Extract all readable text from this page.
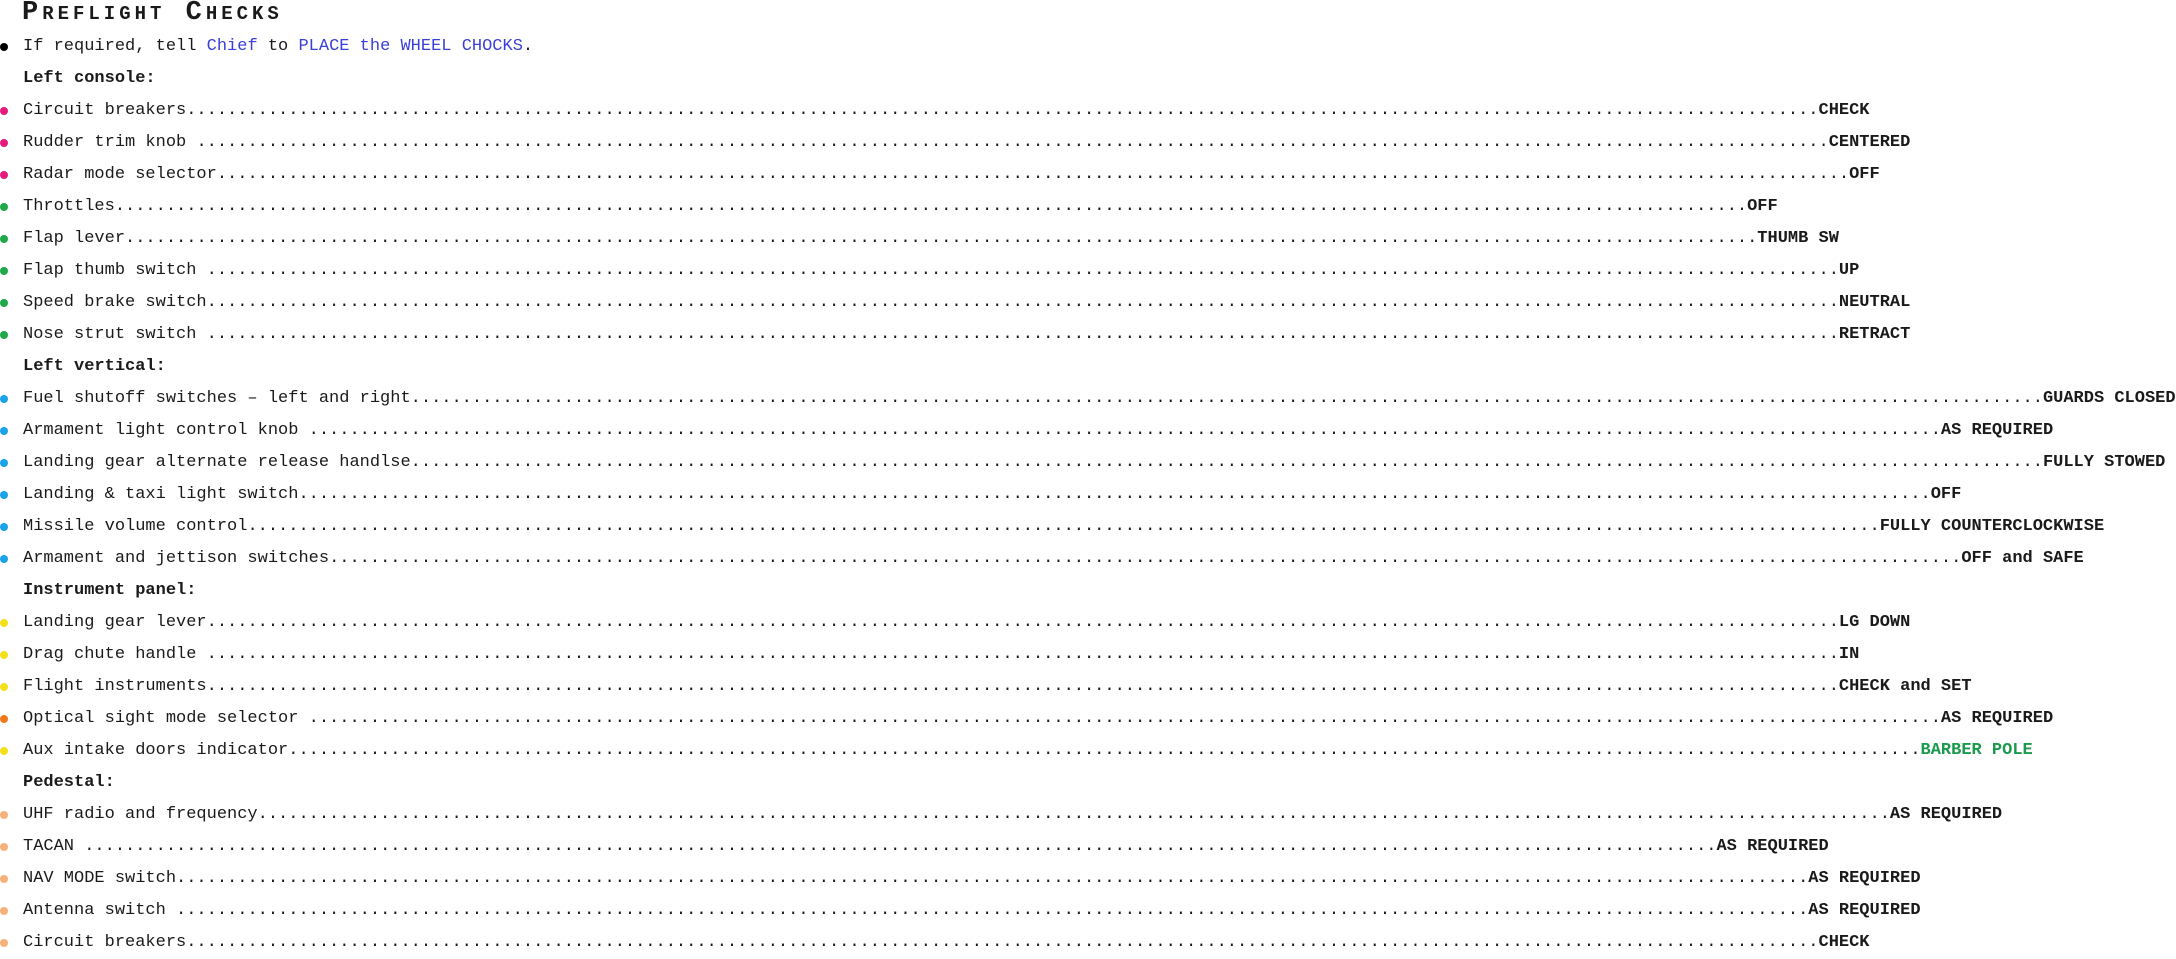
Preflight Checks
If required, tell Chief to PLACE the WHEEL CHOCKS.
Left console:
Circuit breakers ................................................................................................................................................................ CHECK
Rudder trim knob ................................................................................................................................................................ CENTERED
Radar mode selector ................................................................................................................................................................ OFF
Throttles ................................................................................................................................................................ OFF
Flap lever ................................................................................................................................................................ THUMB SW
Flap thumb switch ................................................................................................................................................................ UP
Speed brake switch ................................................................................................................................................................ NEUTRAL
Nose strut switch ................................................................................................................................................................ RETRACT
Left vertical:
Fuel shutoff switches – left and right ................................................................................................................................................................ GUARDS CLOSED
Armament light control knob ................................................................................................................................................................ AS REQUIRED
Landing gear alternate release handlse ................................................................................................................................................................ FULLY STOWED
Landing & taxi light switch ................................................................................................................................................................ OFF
Missile volume control ................................................................................................................................................................ FULLY COUNTERCLOCKWISE
Armament and jettison switches ................................................................................................................................................................ OFF and SAFE
Instrument panel:
Landing gear lever ................................................................................................................................................................ LG DOWN
Drag chute handle ................................................................................................................................................................ IN
Flight instruments ................................................................................................................................................................ CHECK and SET
Optical sight mode selector ................................................................................................................................................................ AS REQUIRED
Aux intake doors indicator ................................................................................................................................................................ BARBER POLE
Pedestal:
UHF radio and frequency ................................................................................................................................................................ AS REQUIRED
TACAN ................................................................................................................................................................ AS REQUIRED
NAV MODE switch ................................................................................................................................................................ AS REQUIRED
Antenna switch ................................................................................................................................................................ AS REQUIRED
Circuit breakers ................................................................................................................................................................ CHECK
